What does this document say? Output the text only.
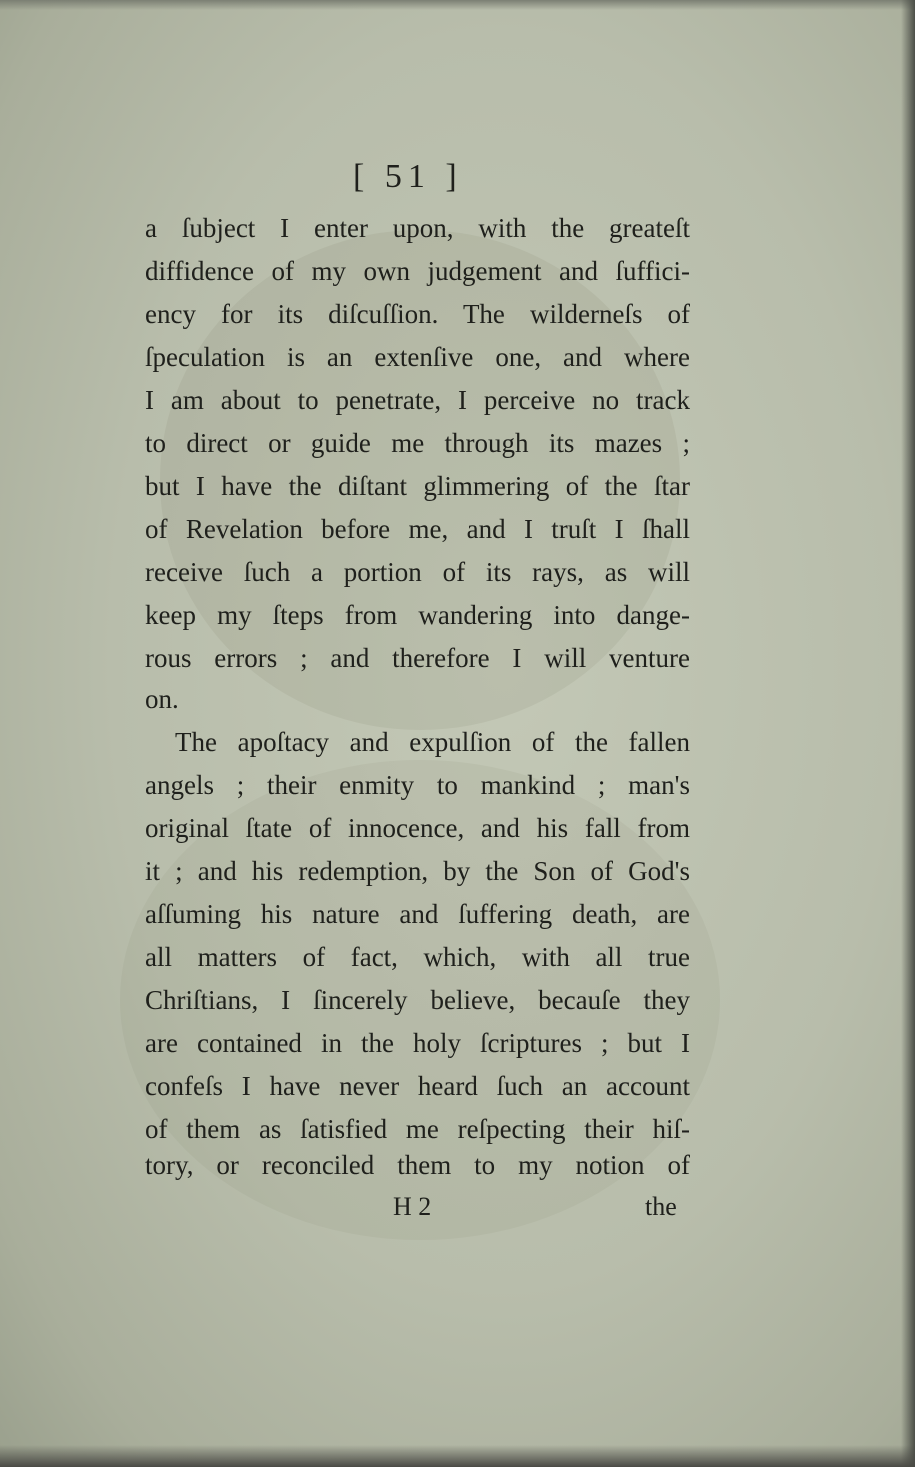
[ 51 ]
a ſubject I enter upon, with the greateſt
diffidence of my own judgement and ſuffici-
ency for its diſcuſſion. The wilderneſs of
ſpeculation is an extenſive one, and where
I am about to penetrate, I perceive no track
to direct or guide me through its mazes ;
but I have the diſtant glimmering of the ſtar
of Revelation before me, and I truſt I ſhall
receive ſuch a portion of its rays, as will
keep my ſteps from wandering into dange-
rous errors ; and therefore I will venture
on.
The apoſtacy and expulſion of the fallen
angels ; their enmity to mankind ; man's
original ſtate of innocence, and his fall from
it ; and his redemption, by the Son of God's
aſſuming his nature and ſuffering death, are
all matters of fact, which, with all true
Chriſtians, I ſincerely believe, becauſe they
are contained in the holy ſcriptures ; but I
confeſs I have never heard ſuch an account
of them as ſatisfied me reſpecting their hiſ-
tory, or reconciled them to my notion of
H 2	the
